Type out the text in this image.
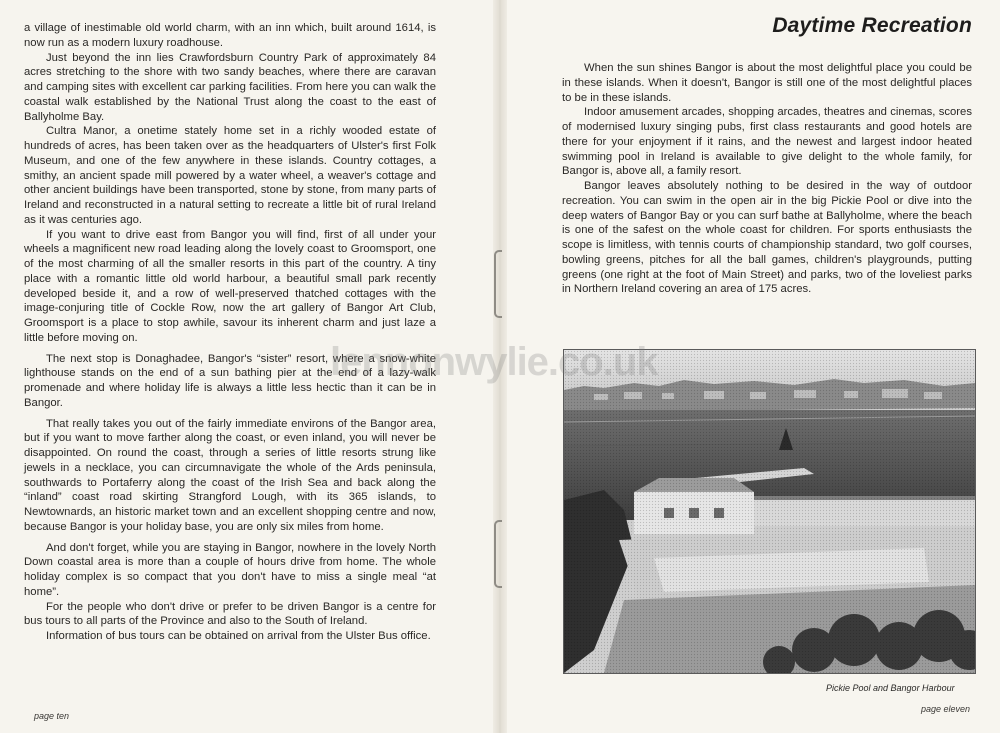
a village of inestimable old world charm, with an inn which, built around 1614, is now run as a modern luxury roadhouse.

Just beyond the inn lies Crawfordsburn Country Park of approximately 84 acres stretching to the shore with two sandy beaches, where there are caravan and camping sites with excellent car parking facilities. From here you can walk the coastal walk established by the National Trust along the coast to the east of Ballyholme Bay.

Cultra Manor, a onetime stately home set in a richly wooded estate of hundreds of acres, has been taken over as the headquarters of Ulster's first Folk Museum, and one of the few anywhere in these islands. Country cottages, a smithy, an ancient spade mill powered by a water wheel, a weaver's cottage and other ancient buildings have been transported, stone by stone, from many parts of Ireland and reconstructed in a natural setting to recreate a little bit of rural Ireland as it was centuries ago.

If you want to drive east from Bangor you will find, first of all under your wheels a magnificent new road leading along the lovely coast to Groomsport, one of the most charming of all the smaller resorts in this part of the country. A tiny place with a romantic little old world harbour, a beautiful small park recently developed beside it, and a row of well-preserved thatched cottages with the image-conjuring title of Cockle Row, now the art gallery of Bangor Art Club, Groomsport is a place to stop awhile, savour its inherent charm and just laze a little before moving on.

The next stop is Donaghadee, Bangor's “sister” resort, where a snow-white lighthouse stands on the end of a sun bathing pier at the end of a lazy-walk promenade and where holiday life is always a little less hectic than it can be in Bangor.

That really takes you out of the fairly immediate environs of the Bangor area, but if you want to move farther along the coast, or even inland, you will never be disappointed. On round the coast, through a series of little resorts strung like jewels in a necklace, you can circumnavigate the whole of the Ards peninsula, southwards to Portaferry along the coast of the Irish Sea and back along the “inland” coast road skirting Strangford Lough, with its 365 islands, to Newtownards, an historic market town and an excellent shopping centre and now, because Bangor is your holiday base, you are only six miles from home.

And don't forget, while you are staying in Bangor, nowhere in the lovely North Down coastal area is more than a couple of hours drive from home. The whole holiday complex is so compact that you don't have to miss a single meal “at home”.

For the people who don't drive or prefer to be driven Bangor is a centre for bus tours to all parts of the Province and also to the South of Ireland.

Information of bus tours can be obtained on arrival from the Ulster Bus office.

page ten
Daytime Recreation

When the sun shines Bangor is about the most delightful place you could be in these islands. When it doesn't, Bangor is still one of the most delightful places to be in these islands.

Indoor amusement arcades, shopping arcades, theatres and cinemas, scores of modernised luxury singing pubs, first class restaurants and good hotels are there for your enjoyment if it rains, and the newest and largest indoor heated swimming pool in Ireland is available to give delight to the whole family, for Bangor is, above all, a family resort.

Bangor leaves absolutely nothing to be desired in the way of outdoor recreation. You can swim in the open air in the big Pickie Pool or dive into the deep waters of Bangor Bay or you can surf bathe at Ballyholme, where the beach is one of the safest on the whole coast for children. For sports enthusiasts the scope is limitless, with tennis courts of championship standard, two golf courses, bowling greens, pitches for all the ball games, children's playgrounds, putting greens (one right at the foot of Main Street) and parks, two of the loveliest parks in Northern Ireland covering an area of 175 acres.

Pickie Pool and Bangor Harbour
page eleven
lennonwylie.co.uk
